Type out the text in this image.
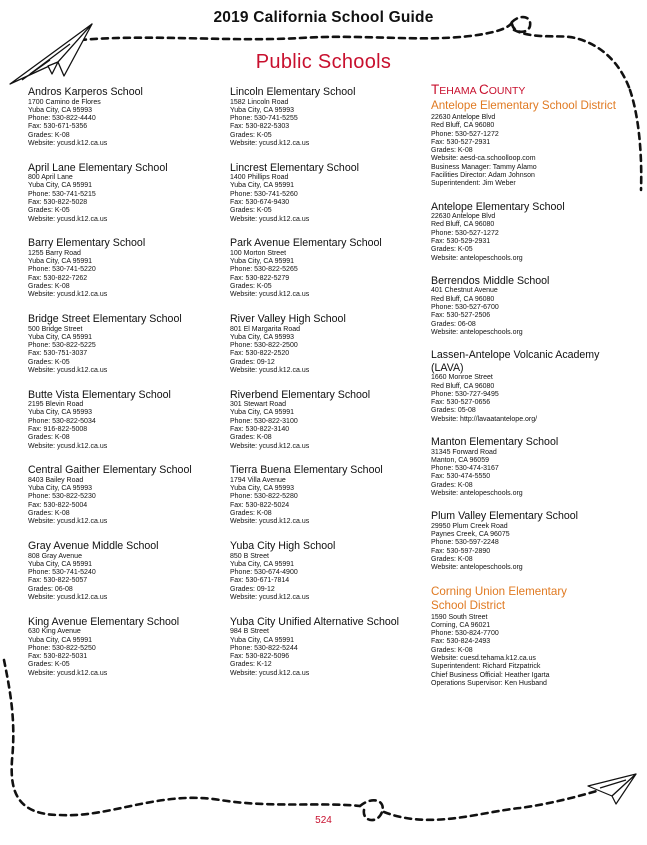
2019 California School Guide
Public Schools
Andros Karperos School
1700 Camino de Flores
Yuba City, CA 95993
Phone: 530-822-4440
Fax: 530-671-5356
Grades: K-08
Website: ycusd.k12.ca.us
April Lane Elementary School
800 April Lane
Yuba City, CA 95991
Phone: 530-741-5215
Fax: 530-822-5028
Grades: K-05
Website: ycusd.k12.ca.us
Barry Elementary School
1255 Barry Road
Yuba City, CA 95991
Phone: 530-741-5220
Fax: 530-822-7262
Grades: K-08
Website: ycusd.k12.ca.us
Bridge Street Elementary School
500 Bridge Street
Yuba City, CA 95991
Phone: 530-822-5225
Fax: 530-751-3037
Grades: K-05
Website: ycusd.k12.ca.us
Butte Vista Elementary School
2195 Blevin Road
Yuba City, CA 95993
Phone: 530-822-5034
Fax: 916-822-5008
Grades: K-08
Website: ycusd.k12.ca.us
Central Gaither Elementary School
8403 Bailey Road
Yuba City, CA 95993
Phone: 530-822-5230
Fax: 530-822-5004
Grades: K-08
Website: ycusd.k12.ca.us
Gray Avenue Middle School
808 Gray Avenue
Yuba City, CA 95991
Phone: 530-741-5240
Fax: 530-822-5057
Grades: 06-08
Website: ycusd.k12.ca.us
King Avenue Elementary School
630 King Avenue
Yuba City, CA 95991
Phone: 530-822-5250
Fax: 530-822-5031
Grades: K-05
Website: ycusd.k12.ca.us
Lincoln Elementary School
1582 Lincoln Road
Yuba City, CA 95993
Phone: 530-741-5255
Fax: 530-822-5303
Grades: K-05
Website: ycusd.k12.ca.us
Lincrest Elementary School
1400 Phillips Road
Yuba City, CA 95991
Phone: 530-741-5260
Fax: 530-674-9430
Grades: K-05
Website: ycusd.k12.ca.us
Park Avenue Elementary School
100 Morton Street
Yuba City, CA 95991
Phone: 530-822-5265
Fax: 530-822-5279
Grades: K-05
Website: ycusd.k12.ca.us
River Valley High School
801 El Margarita Road
Yuba City, CA 95993
Phone: 530-822-2500
Fax: 530-822-2520
Grades: 09-12
Website: ycusd.k12.ca.us
Riverbend Elementary School
301 Stewart Road
Yuba City, CA 95991
Phone: 530-822-3100
Fax: 530-822-3140
Grades: K-08
Website: ycusd.k12.ca.us
Tierra Buena Elementary School
1794 Villa Avenue
Yuba City, CA 95993
Phone: 530-822-5280
Fax: 530-822-5024
Grades: K-08
Website: ycusd.k12.ca.us
Yuba City High School
850 B Street
Yuba City, CA 95991
Phone: 530-674-4900
Fax: 530-671-7814
Grades: 09-12
Website: ycusd.k12.ca.us
Yuba City Unified Alternative School
984 B Street
Yuba City, CA 95991
Phone: 530-822-5244
Fax: 530-822-5096
Grades: K-12
Website: ycusd.k12.ca.us
TEHAMA COUNTY
Antelope Elementary School District
22630 Antelope Blvd
Red Bluff, CA 96080
Phone: 530-527-1272
Fax: 530-527-2931
Grades: K-08
Website: aesd-ca.schoolloop.com
Business Manager: Tammy Alamo
Facilities Director: Adam Johnson
Superintendent: Jim Weber
Antelope Elementary School
22630 Antelope Blvd
Red Bluff, CA 96080
Phone: 530-527-1272
Fax: 530-529-2931
Grades: K-05
Website: antelopeschools.org
Berrendos Middle School
401 Chestnut Avenue
Red Bluff, CA 96080
Phone: 530-527-6700
Fax: 530-527-2506
Grades: 06-08
Website: antelopeschools.org
Lassen-Antelope Volcanic Academy
(LAVA)
1660 Monroe Street
Red Bluff, CA 96080
Phone: 530-727-9495
Fax: 530-527-0656
Grades: 05-08
Website: http://lavaatantelope.org/
Manton Elementary School
31345 Forward Road
Manton, CA 96059
Phone: 530-474-3167
Fax: 530-474-5550
Grades: K-08
Website: antelopeschools.org
Plum Valley Elementary School
29950 Plum Creek Road
Paynes Creek, CA 96075
Phone: 530-597-2248
Fax: 530-597-2890
Grades: K-08
Website: antelopeschools.org
Corning Union Elementary
School District
1590 South Street
Corning, CA 96021
Phone: 530-824-7700
Fax: 530-824-2493
Grades: K-08
Website: cuesd.tehama.k12.ca.us
Superintendent: Richard Fitzpatrick
Chief Business Official: Heather Igarta
Operations Supervisor: Ken Husband
524
